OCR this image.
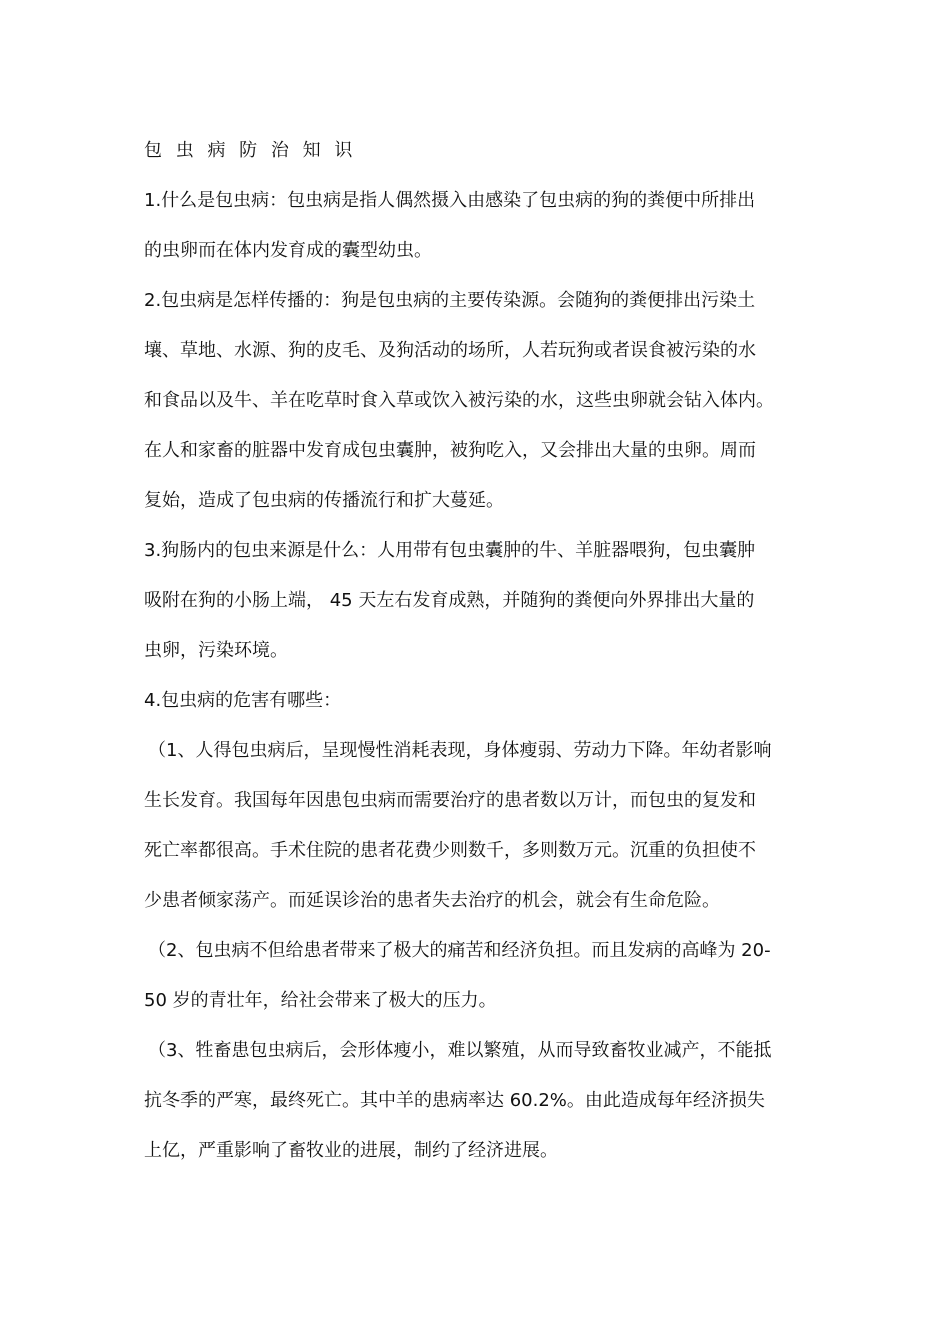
包 虫 病 防 治 知 识
1.什么是包虫病：包虫病是指人偶然摄入由感染了包虫病的狗的粪便中所排出
的虫卵而在体内发育成的囊型幼虫。
2.包虫病是怎样传播的：狗是包虫病的主要传染源。会随狗的粪便排出污染土
壤、草地、水源、狗的皮毛、及狗活动的场所，人若玩狗或者误食被污染的水
和食品以及牛、羊在吃草时食入草或饮入被污染的水，这些虫卵就会钻入体内。
在人和家畜的脏器中发育成包虫囊肿，被狗吃入，又会排出大量的虫卵。周而
复始，造成了包虫病的传播流行和扩大蔓延。
3.狗肠内的包虫来源是什么：人用带有包虫囊肿的牛、羊脏器喂狗，包虫囊肿
吸附在狗的小肠上端， 45 天左右发育成熟，并随狗的粪便向外界排出大量的
虫卵，污染环境。
4.包虫病的危害有哪些：
（1、人得包虫病后，呈现慢性消耗表现，身体瘦弱、劳动力下降。年幼者影响
生长发育。我国每年因患包虫病而需要治疗的患者数以万计，而包虫的复发和
死亡率都很高。手术住院的患者花费少则数千，多则数万元。沉重的负担使不
少患者倾家荡产。而延误诊治的患者失去治疗的机会，就会有生命危险。
（2、包虫病不但给患者带来了极大的痛苦和经济负担。而且发病的高峰为 20-
50 岁的青壮年，给社会带来了极大的压力。
（3、牲畜患包虫病后，会形体瘦小，难以繁殖，从而导致畜牧业减产，不能抵
抗冬季的严寒，最终死亡。其中羊的患病率达 60.2%。由此造成每年经济损失
上亿，严重影响了畜牧业的进展，制约了经济进展。
